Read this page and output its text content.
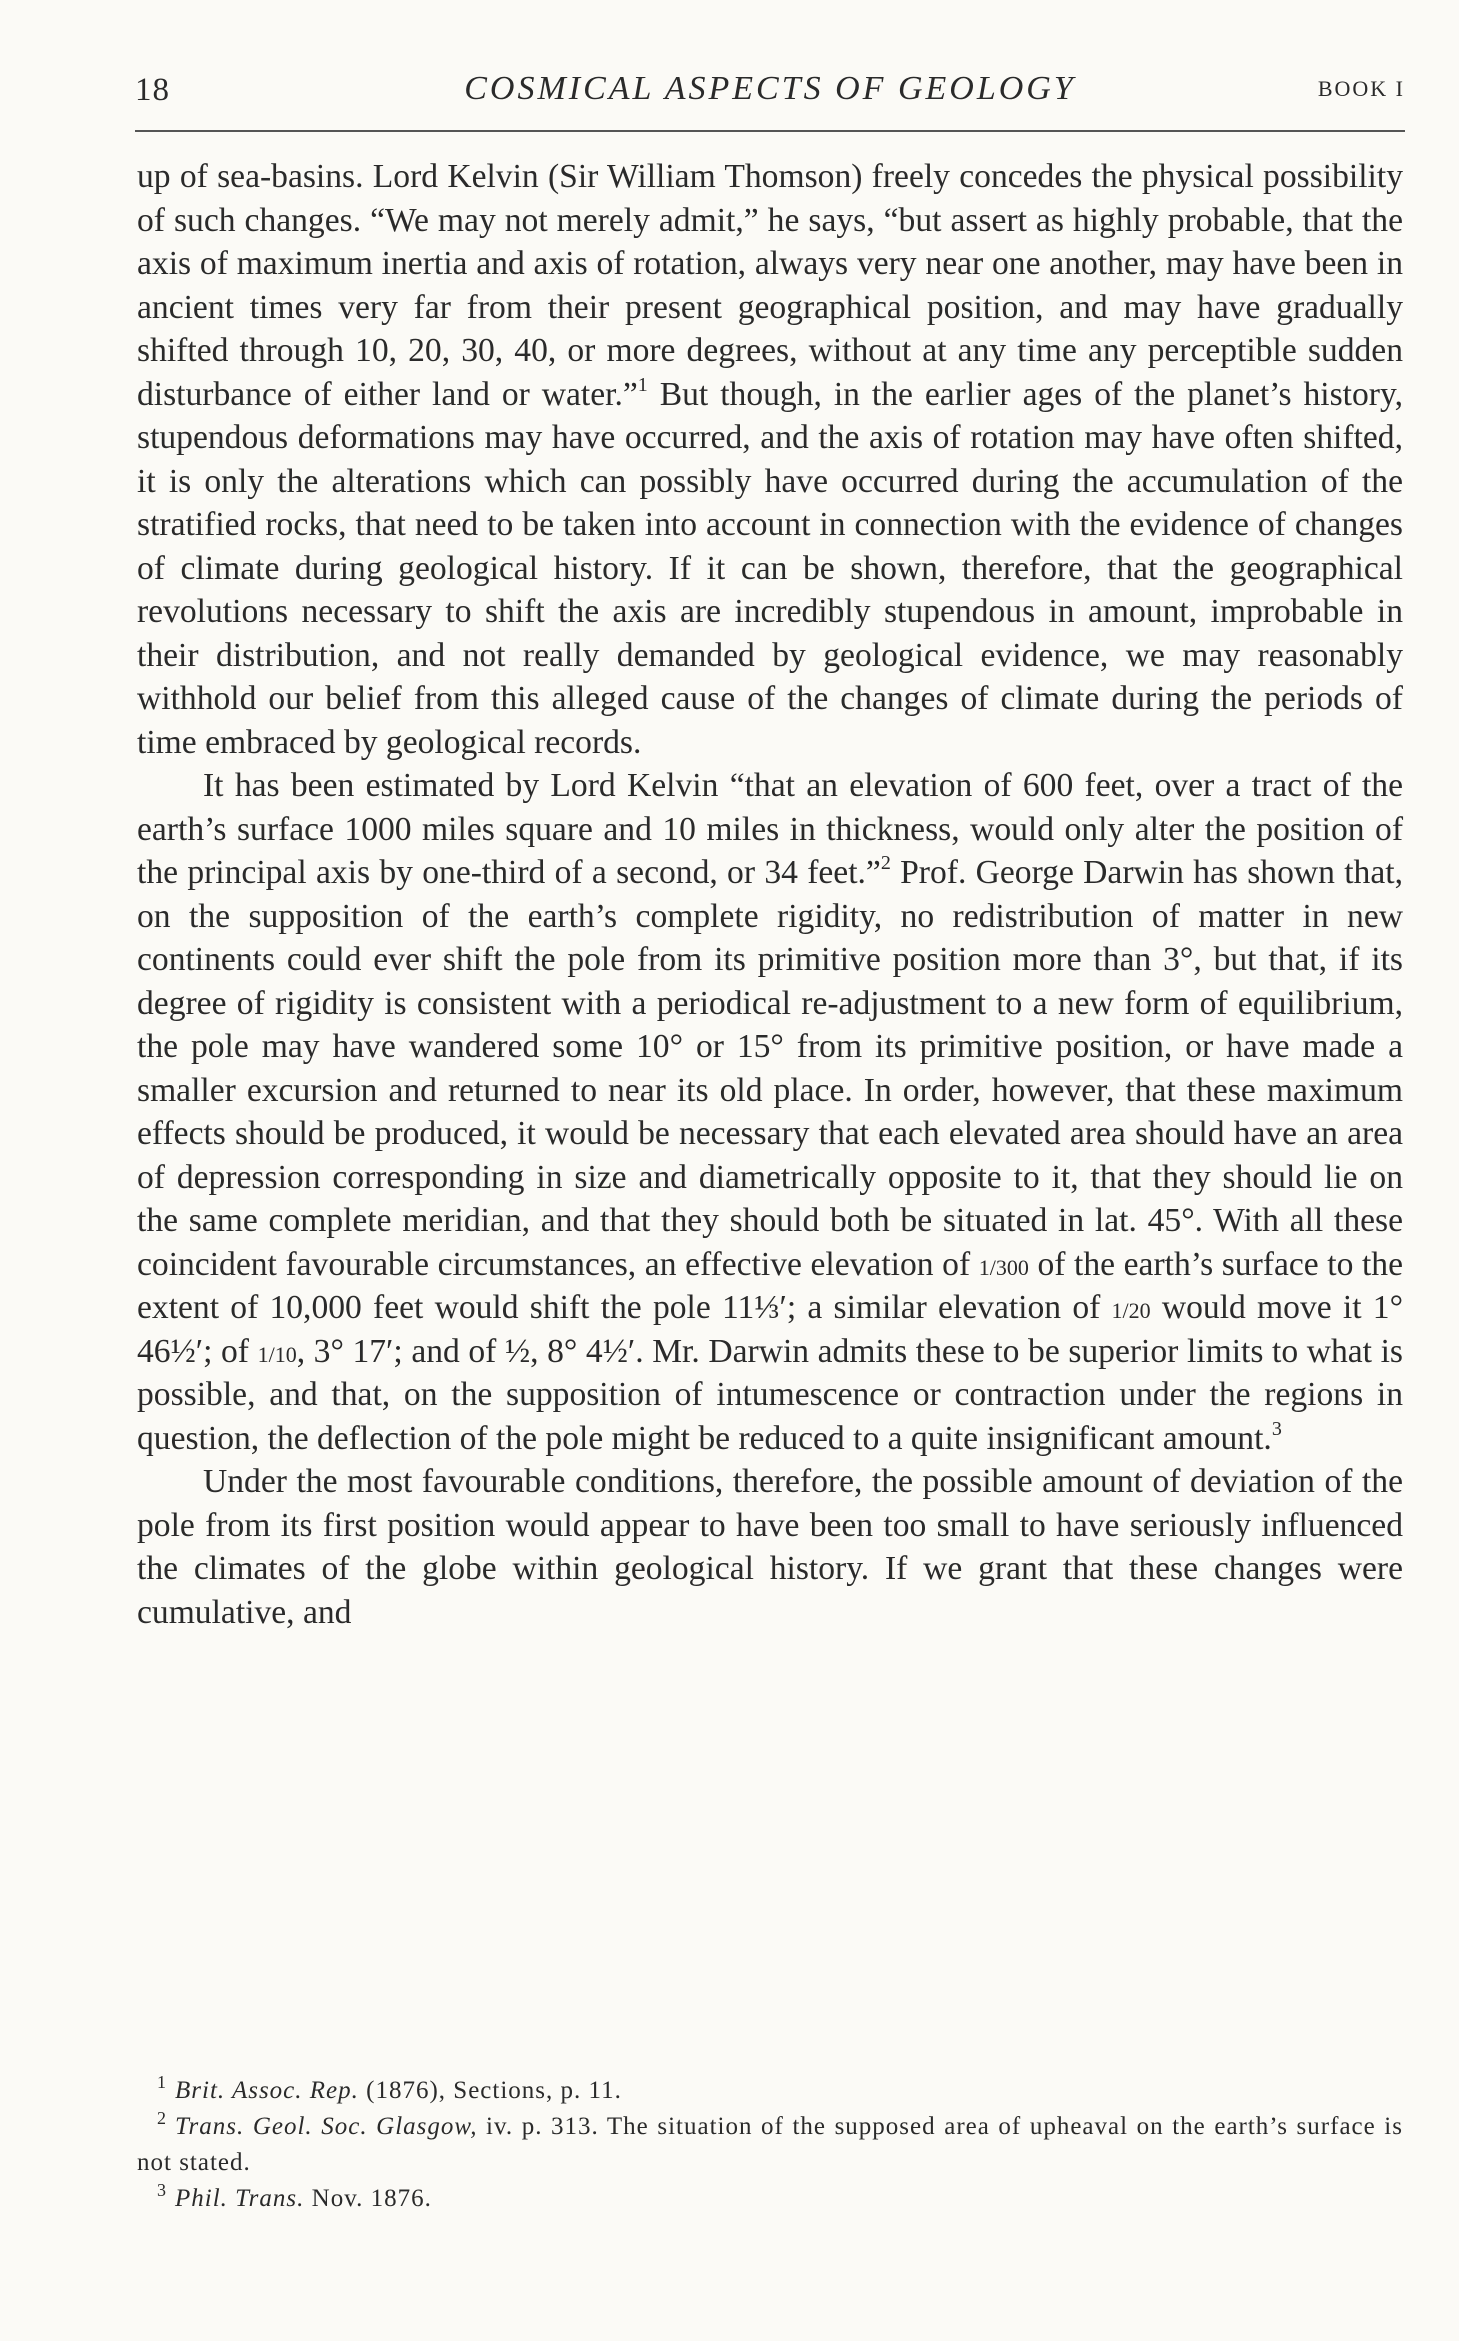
18	COSMICAL ASPECTS OF GEOLOGY	BOOK I

up of sea-basins. Lord Kelvin (Sir William Thomson) freely concedes the physical possibility of such changes. “We may not merely admit,” he says, “but assert as highly probable, that the axis of maximum inertia and axis of rotation, always very near one another, may have been in ancient times very far from their present geographical position, and may have gradually shifted through 10, 20, 30, 40, or more degrees, without at any time any perceptible sudden disturbance of either land or water.”$^1$ But though, in the earlier ages of the planet’s history, stupendous deformations may have occurred, and the axis of rotation may have often shifted, it is only the alterations which can possibly have occurred during the accumulation of the stratified rocks, that need to be taken into account in connection with the evidence of changes of climate during geological history. If it can be shown, therefore, that the geographical revolutions necessary to shift the axis are incredibly stupendous in amount, improbable in their distribution, and not really demanded by geological evidence, we may reasonably withhold our belief from this alleged cause of the changes of climate during the periods of time embraced by geological records.

It has been estimated by Lord Kelvin “that an elevation of 600 feet, over a tract of the earth’s surface 1000 miles square and 10 miles in thickness, would only alter the position of the principal axis by one-third of a second, or 34 feet.”$^2$ Prof. George Darwin has shown that, on the supposition of the earth’s complete rigidity, no redistribution of matter in new continents could ever shift the pole from its primitive position more than 3°, but that, if its degree of rigidity is consistent with a periodical re-adjustment to a new form of equilibrium, the pole may have wandered some 10° or 15° from its primitive position, or have made a smaller excursion and returned to near its old place. In order, however, that these maximum effects should be produced, it would be necessary that each elevated area should have an area of depression corresponding in size and diametrically opposite to it, that they should lie on the same complete meridian, and that they should both be situated in lat. 45°. With all these coincident favourable circumstances, an effective elevation of 1/300 of the earth’s surface to the extent of 10,000 feet would shift the pole 11⅓′; a similar elevation of 1/20 would move it 1° 46½′; of 1/10, 3° 17′; and of ½, 8° 4½′. Mr. Darwin admits these to be superior limits to what is possible, and that, on the supposition of intumescence or contraction under the regions in question, the deflection of the pole might be reduced to a quite insignificant amount.$^3$

Under the most favourable conditions, therefore, the possible amount of deviation of the pole from its first position would appear to have been too small to have seriously influenced the climates of the globe within geological history. If we grant that these changes were cumulative, and

1 Brit. Assoc. Rep. (1876), Sections, p. 11.

2 Trans. Geol. Soc. Glasgow, iv. p. 313. The situation of the supposed area of upheaval on the earth’s surface is not stated.

3 Phil. Trans. Nov. 1876.
